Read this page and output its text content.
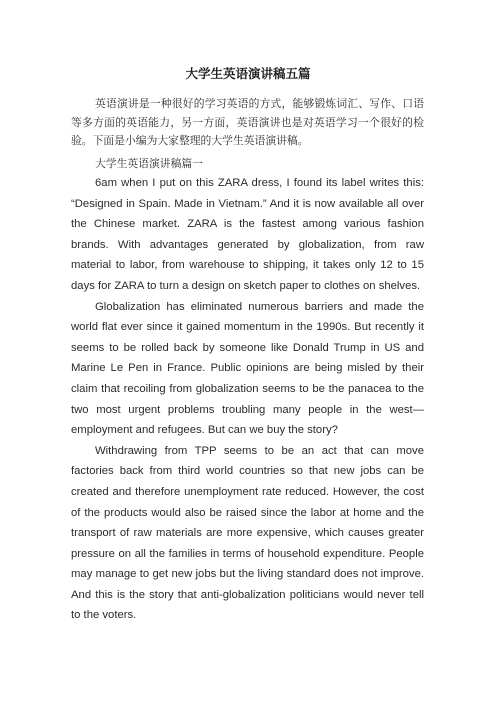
大学生英语演讲稿五篇

英语演讲是一种很好的学习英语的方式，能够锻炼词汇、写作、口语等多方面的英语能力，另一方面，英语演讲也是对英语学习一个很好的检验。下面是小编为大家整理的大学生英语演讲稿。

大学生英语演讲稿篇一

6am when I put on this ZARA dress, I found its label writes this: “Designed in Spain. Made in Vietnam.” And it is now available all over the Chinese market. ZARA is the fastest among various fashion brands. With advantages generated by globalization, from raw material to labor, from warehouse to shipping, it takes only 12 to 15 days for ZARA to turn a design on sketch paper to clothes on shelves.

Globalization has eliminated numerous barriers and made the world flat ever since it gained momentum in the 1990s. But recently it seems to be rolled back by someone like Donald Trump in US and Marine Le Pen in France. Public opinions are being misled by their claim that recoiling from globalization seems to be the panacea to the two most urgent problems troubling many people in the west—employment and refugees. But can we buy the story?

Withdrawing from TPP seems to be an act that can move factories back from third world countries so that new jobs can be created and therefore unemployment rate reduced. However, the cost of the products would also be raised since the labor at home and the transport of raw materials are more expensive, which causes greater pressure on all the families in terms of household expenditure. People may manage to get new jobs but the living standard does not improve. And this is the story that anti-globalization politicians would never tell to the voters.
